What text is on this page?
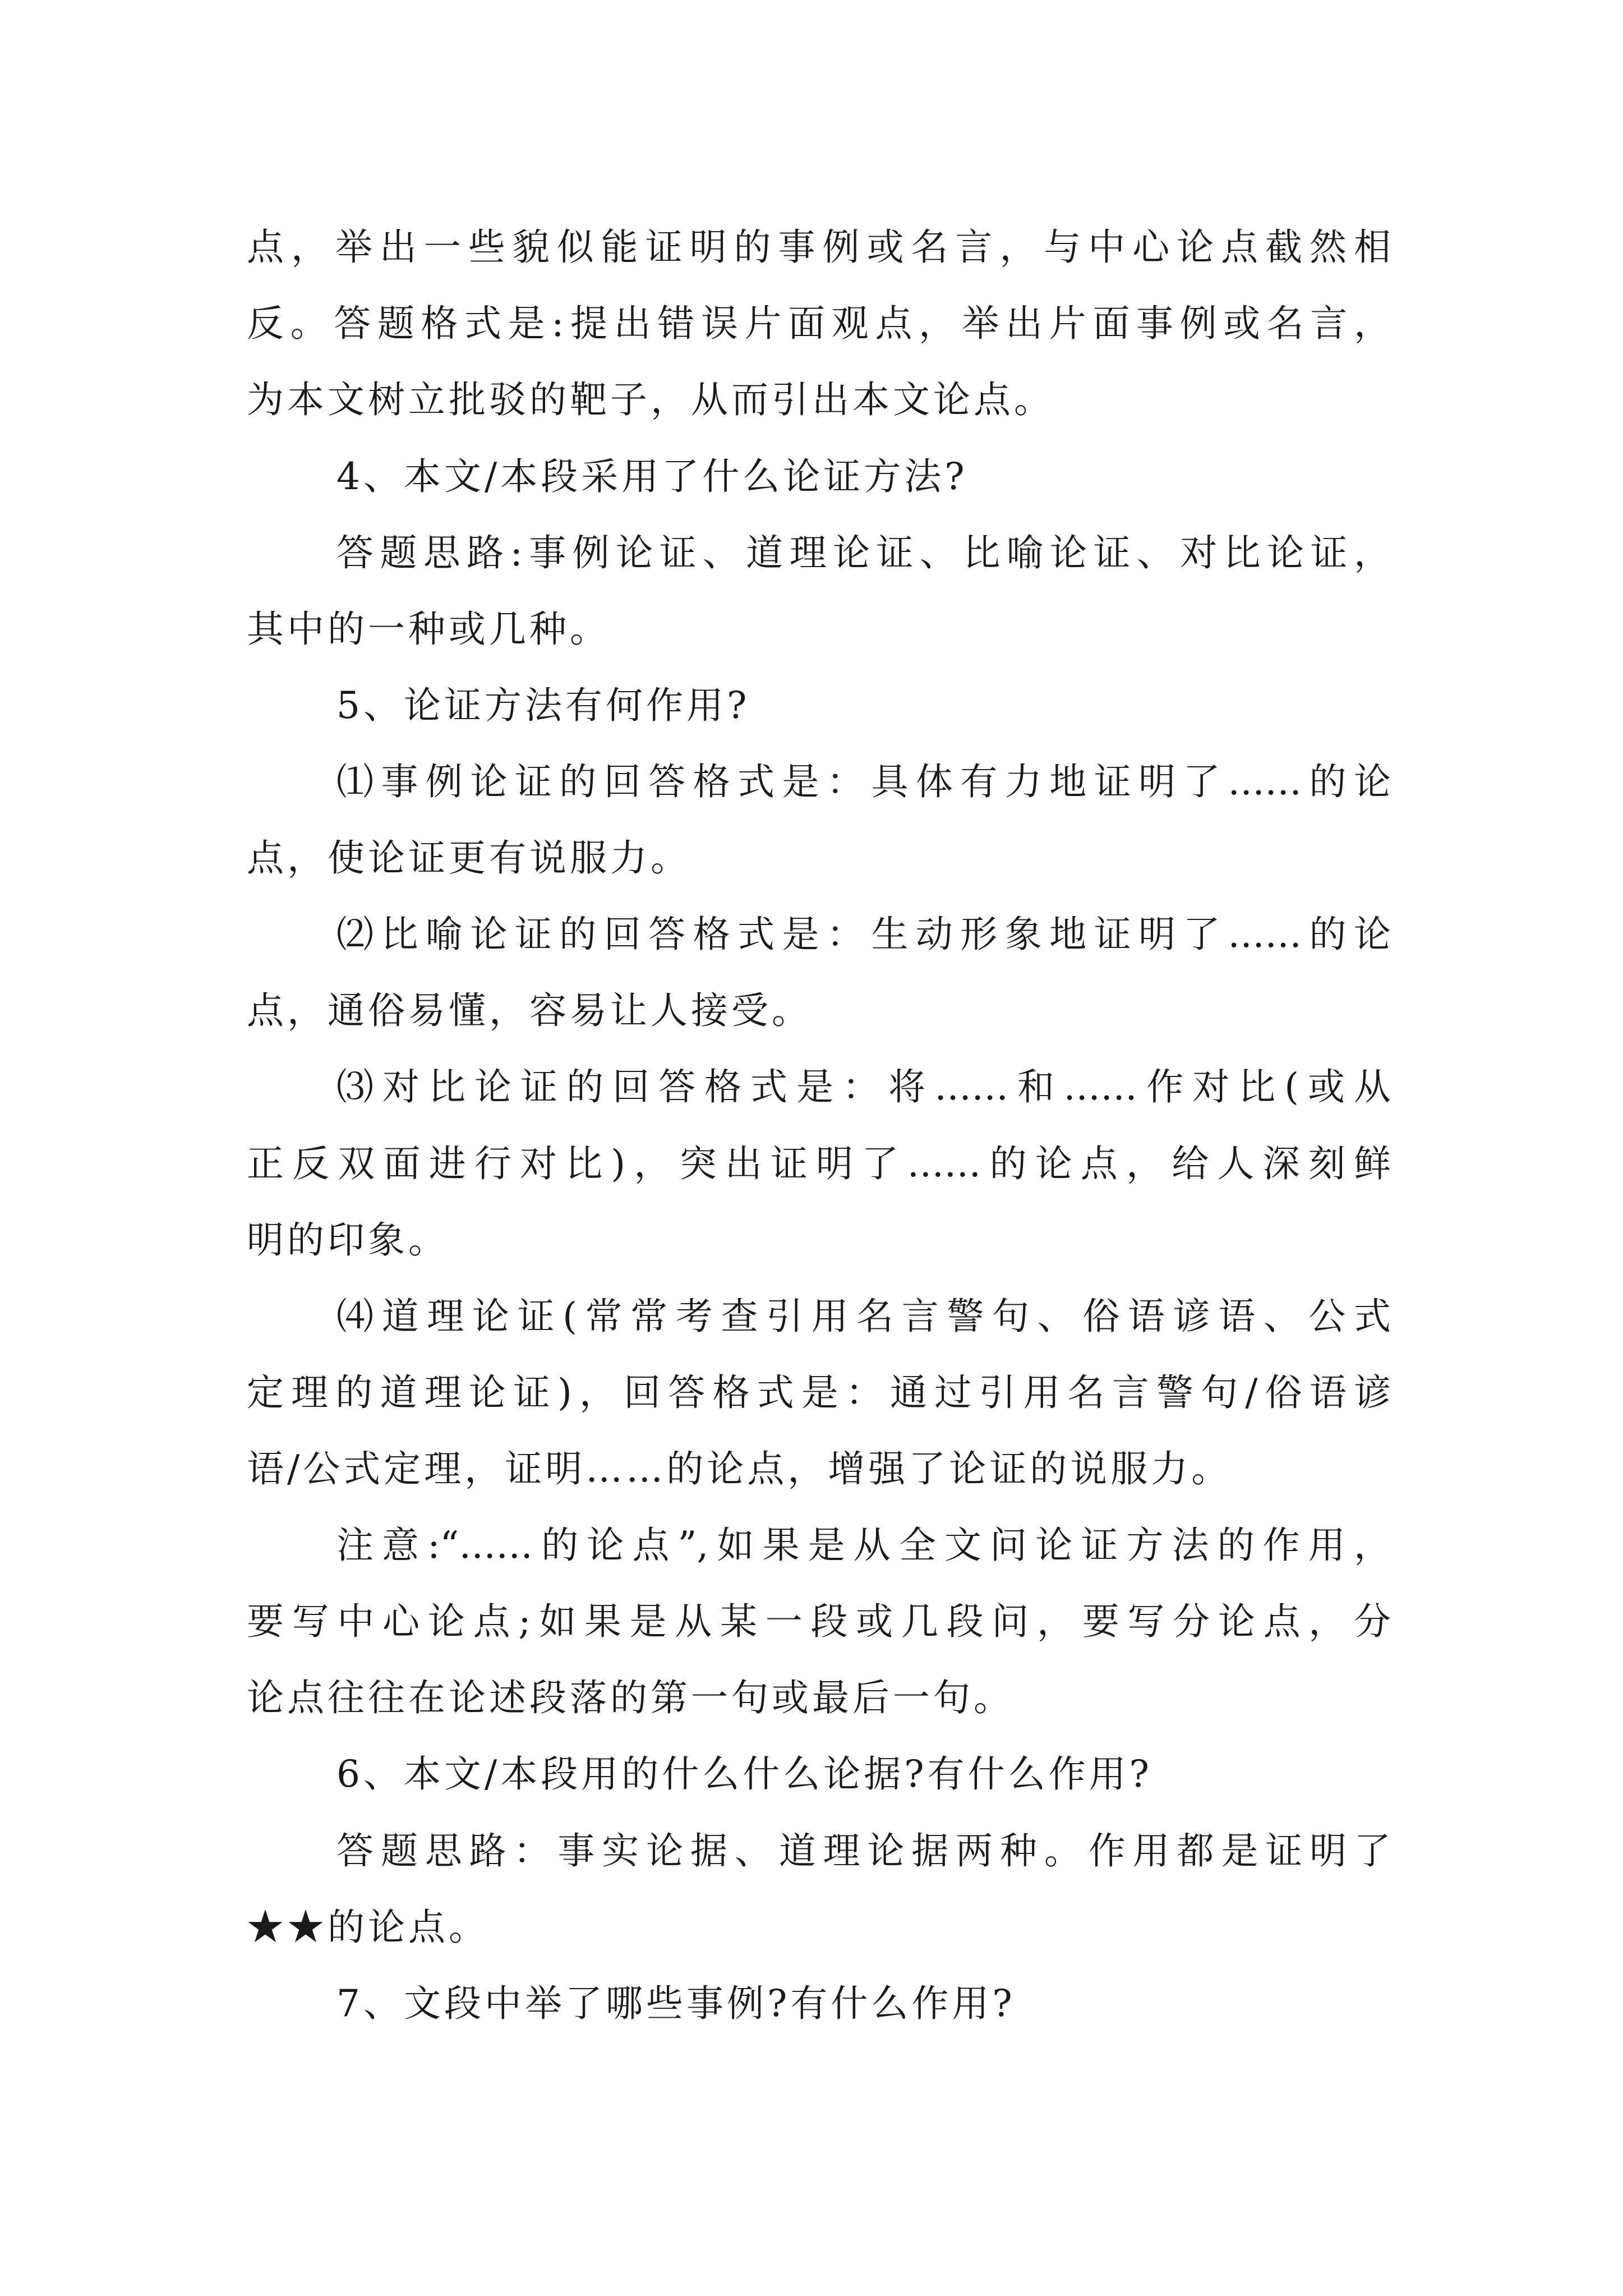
点，举出一些貌似能证明的事例或名言，与中心论点截然相

反。答题格式是:提出错误片面观点，举出片面事例或名言，

为本文树立批驳的靶子，从而引出本文论点。

4、本文/本段采用了什么论证方法?

答题思路:事例论证、道理论证、比喻论证、对比论证，

其中的一种或几种。

5、论证方法有何作用?

⑴事例论证的回答格式是：具体有力地证明了……的论

点，使论证更有说服力。

⑵比喻论证的回答格式是：生动形象地证明了……的论

点，通俗易懂，容易让人接受。

⑶对比论证的回答格式是：将……和……作对比(或从

正反双面进行对比)，突出证明了……的论点，给人深刻鲜

明的印象。

⑷道理论证(常常考查引用名言警句、俗语谚语、公式

定理的道理论证)，回答格式是：通过引用名言警句/俗语谚

语/公式定理，证明……的论点，增强了论证的说服力。

注意:“……的论点”,如果是从全文问论证方法的作用，

要写中心论点;如果是从某一段或几段问，要写分论点，分

论点往往在论述段落的第一句或最后一句。

6、本文/本段用的什么什么论据?有什么作用?

答题思路：事实论据、道理论据两种。作用都是证明了

★★的论点。

7、文段中举了哪些事例?有什么作用?
